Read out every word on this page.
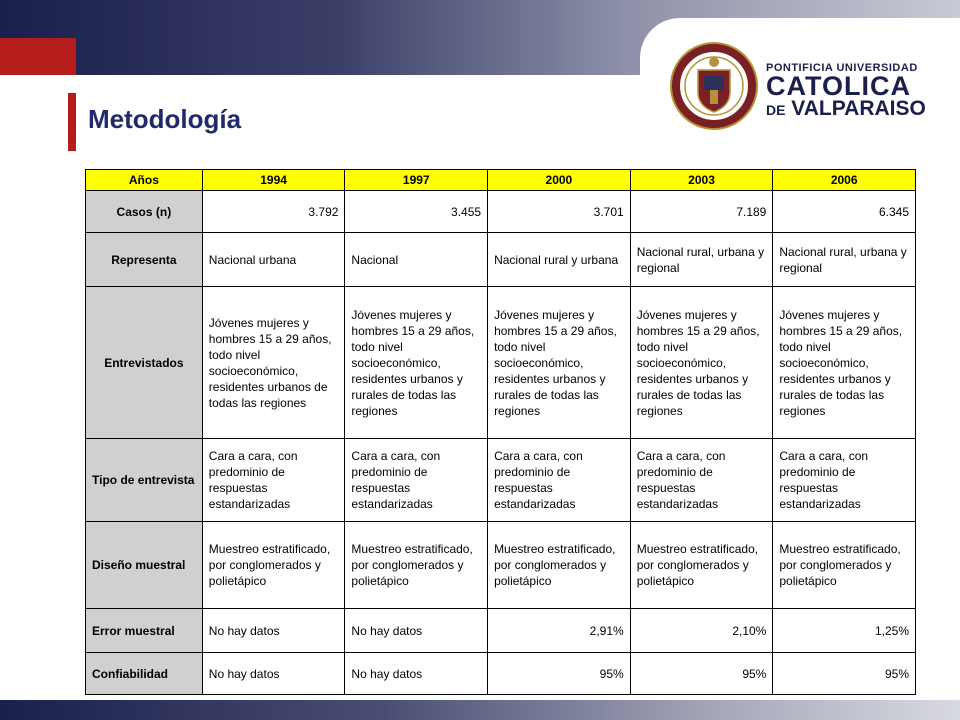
Metodología
PONTIFICIA UNIVERSIDAD
CATOLICA
DE VALPARAISO
Años	1994	1997	2000	2003	2006
Casos (n)	3.792	3.455	3.701	7.189	6.345
Representa	Nacional urbana	Nacional	Nacional rural y urbana	Nacional rural, urbana y regional	Nacional rural, urbana y regional
Entrevistados	Jóvenes mujeres y hombres 15 a 29 años, todo nivel socioeconómico, residentes urbanos de todas las regiones	Jóvenes mujeres y hombres 15 a 29 años, todo nivel socioeconómico, residentes urbanos y rurales de todas las regiones	Jóvenes mujeres y hombres 15 a 29 años, todo nivel socioeconómico, residentes urbanos y rurales de todas las regiones	Jóvenes mujeres y hombres 15 a 29 años, todo nivel socioeconómico, residentes urbanos y rurales de todas las regiones	Jóvenes mujeres y hombres 15 a 29 años, todo nivel socioeconómico, residentes urbanos y rurales de todas las regiones
Tipo de entrevista	Cara a cara, con predominio de respuestas estandarizadas	Cara a cara, con predominio de respuestas estandarizadas	Cara a cara, con predominio de respuestas estandarizadas	Cara a cara, con predominio de respuestas estandarizadas	Cara a cara, con predominio de respuestas estandarizadas
Diseño muestral	Muestreo estratificado, por conglomerados y polietápico	Muestreo estratificado, por conglomerados y polietápico	Muestreo estratificado, por conglomerados y polietápico	Muestreo estratificado, por conglomerados y polietápico	Muestreo estratificado, por conglomerados y polietápico
Error muestral	No hay datos	No hay datos	2,91%	2,10%	1,25%
Confiabilidad	No hay datos	No hay datos	95%	95%	95%
